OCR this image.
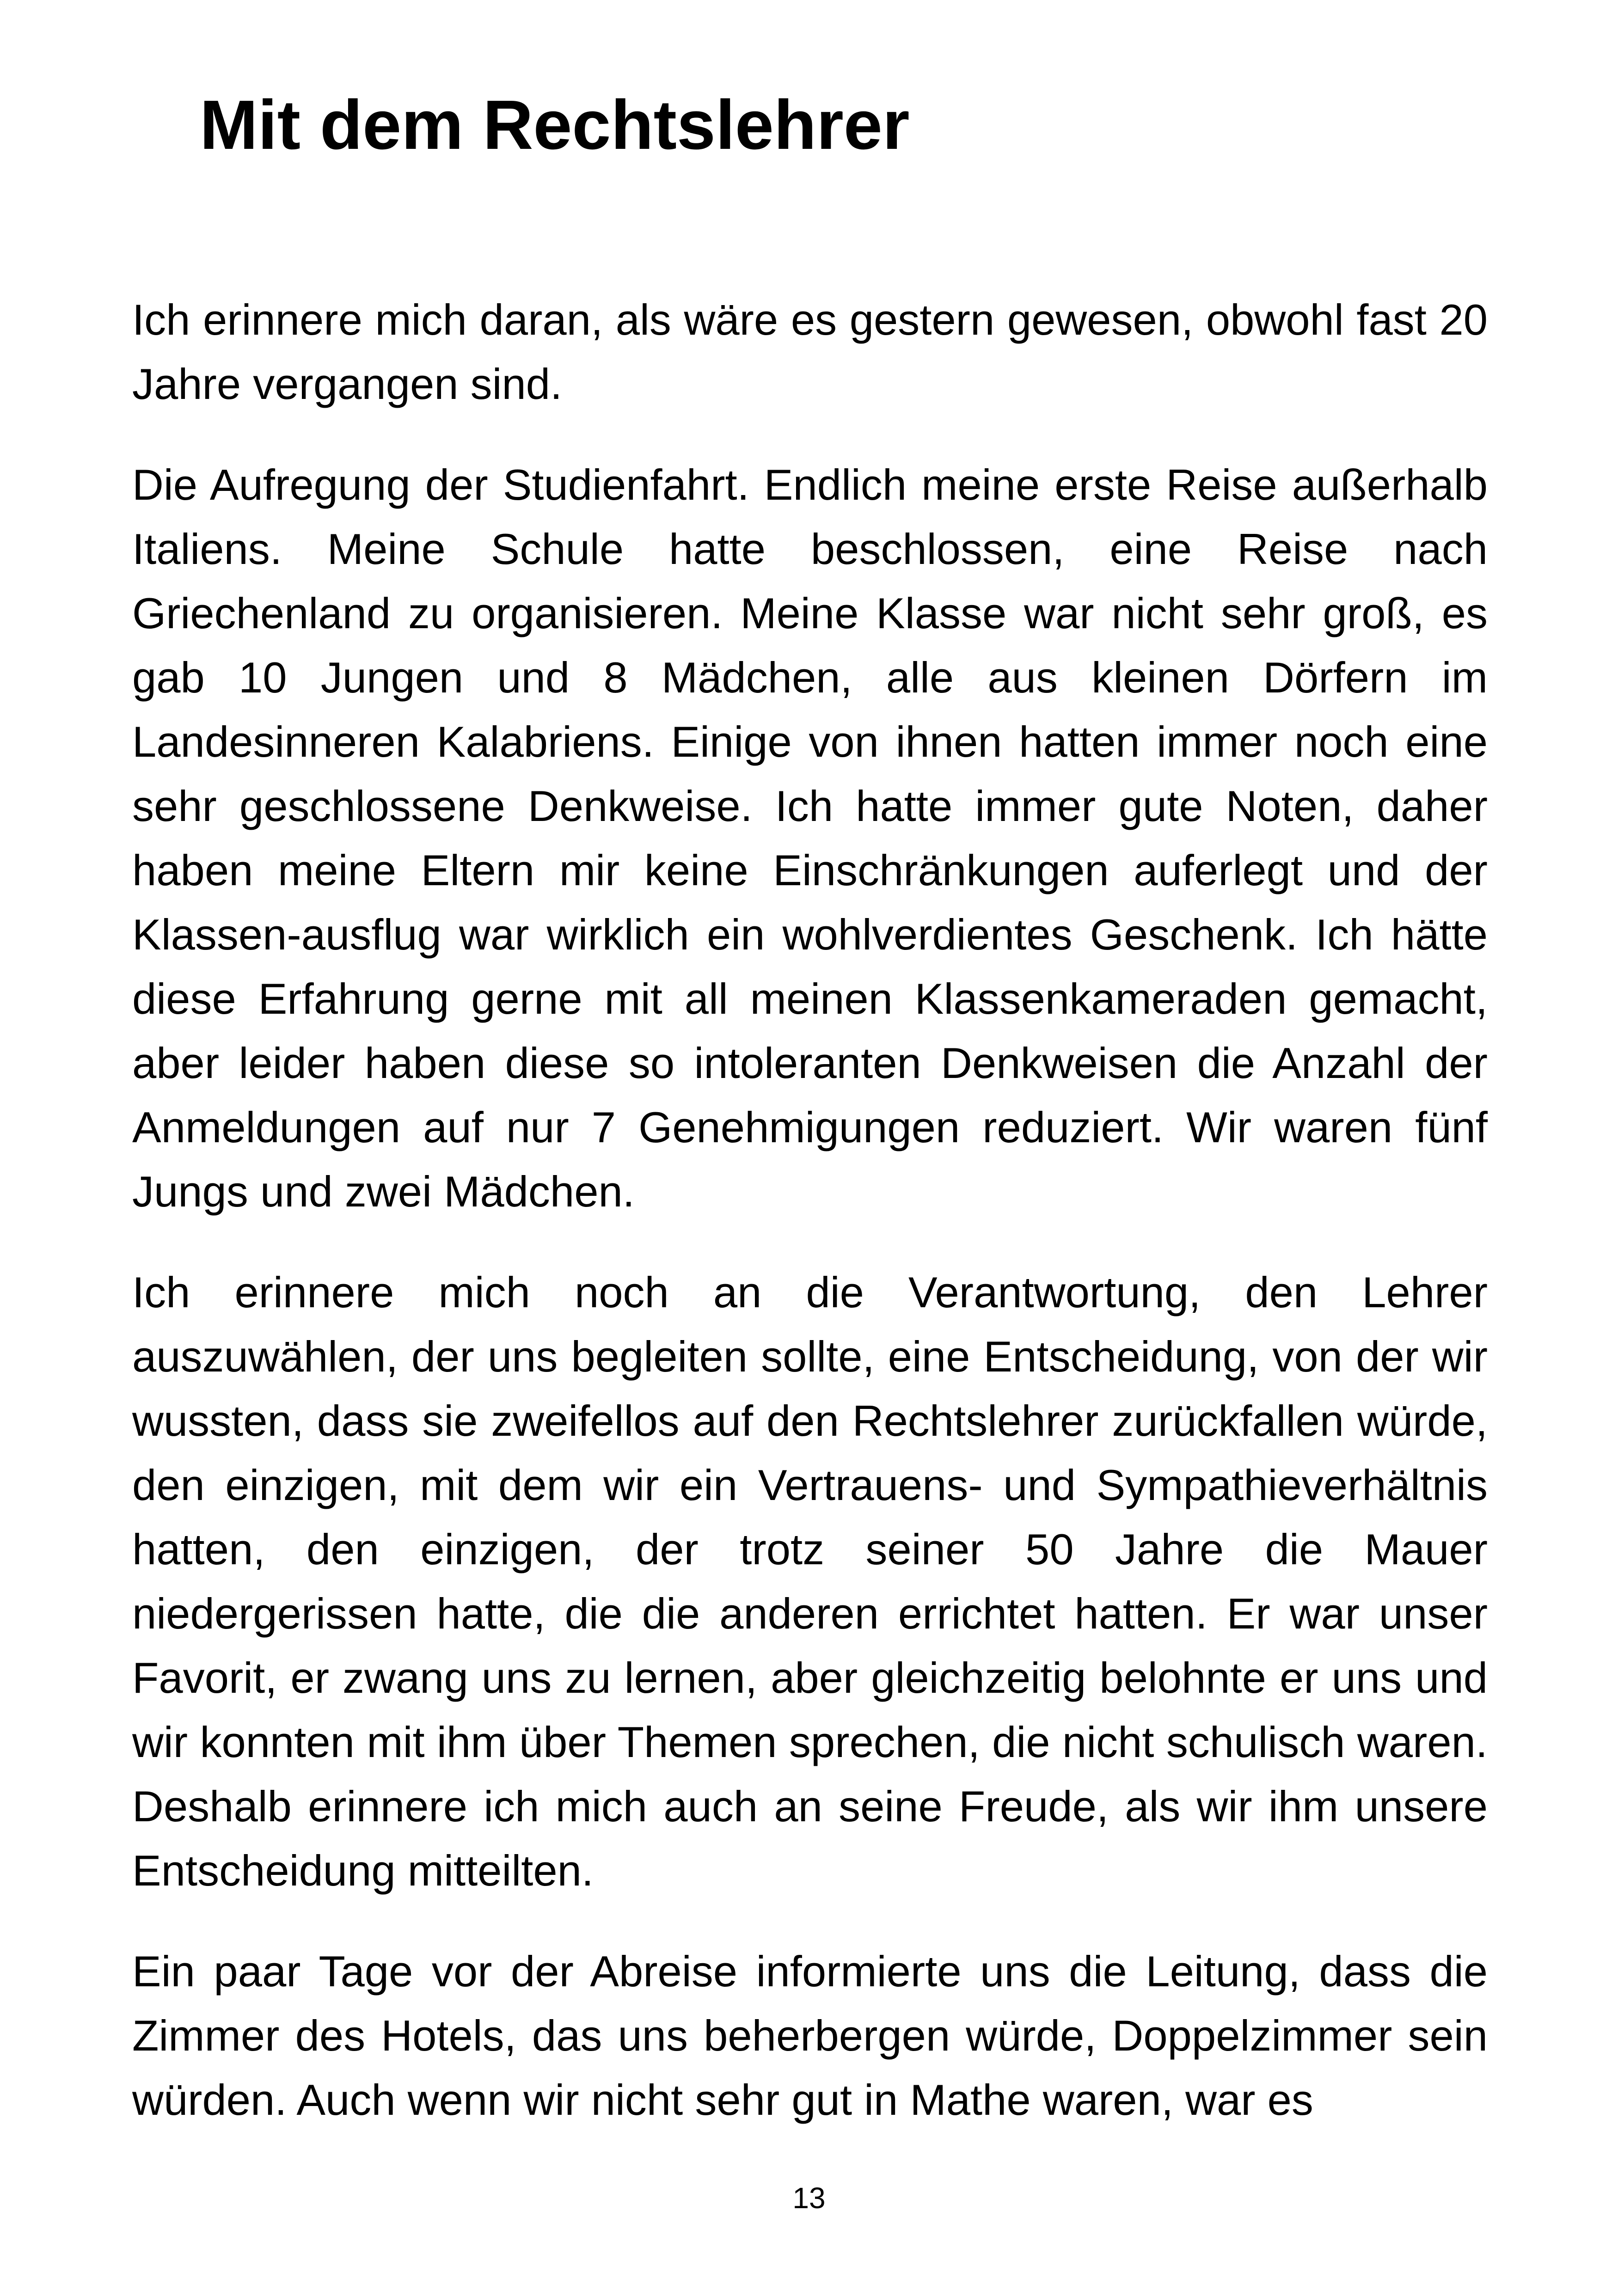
Mit dem Rechtslehrer

Ich erinnere mich daran, als wäre es gestern gewesen, obwohl fast 20 Jahre vergangen sind.

Die Aufregung der Studienfahrt. Endlich meine erste Reise außerhalb Italiens. Meine Schule hatte beschlossen, eine Reise nach Griechenland zu organisieren. Meine Klasse war nicht sehr groß, es gab 10 Jungen und 8 Mädchen, alle aus kleinen Dörfern im Landesinneren Kalabriens. Einige von ihnen hatten immer noch eine sehr geschlossene Denkweise. Ich hatte immer gute Noten, daher haben meine Eltern mir keine Einschränkungen auferlegt und der Klassen-ausflug war wirklich ein wohlverdientes Geschenk. Ich hätte diese Erfahrung gerne mit all meinen Klassenkameraden gemacht, aber leider haben diese so intoleranten Denkweisen die Anzahl der Anmeldungen auf nur 7 Genehmigungen reduziert. Wir waren fünf Jungs und zwei Mädchen.

Ich erinnere mich noch an die Verantwortung, den Lehrer auszuwählen, der uns begleiten sollte, eine Entscheidung, von der wir wussten, dass sie zweifellos auf den Rechtslehrer zurückfallen würde, den einzigen, mit dem wir ein Vertrauens- und Sympathieverhältnis hatten, den einzigen, der trotz seiner 50 Jahre die Mauer niedergerissen hatte, die die anderen errichtet hatten. Er war unser Favorit, er zwang uns zu lernen, aber gleichzeitig belohnte er uns und wir konnten mit ihm über Themen sprechen, die nicht schulisch waren. Deshalb erinnere ich mich auch an seine Freude, als wir ihm unsere Entscheidung mitteilten.

Ein paar Tage vor der Abreise informierte uns die Leitung, dass die Zimmer des Hotels, das uns beherbergen würde, Doppelzimmer sein würden. Auch wenn wir nicht sehr gut in Mathe waren, war es

13
